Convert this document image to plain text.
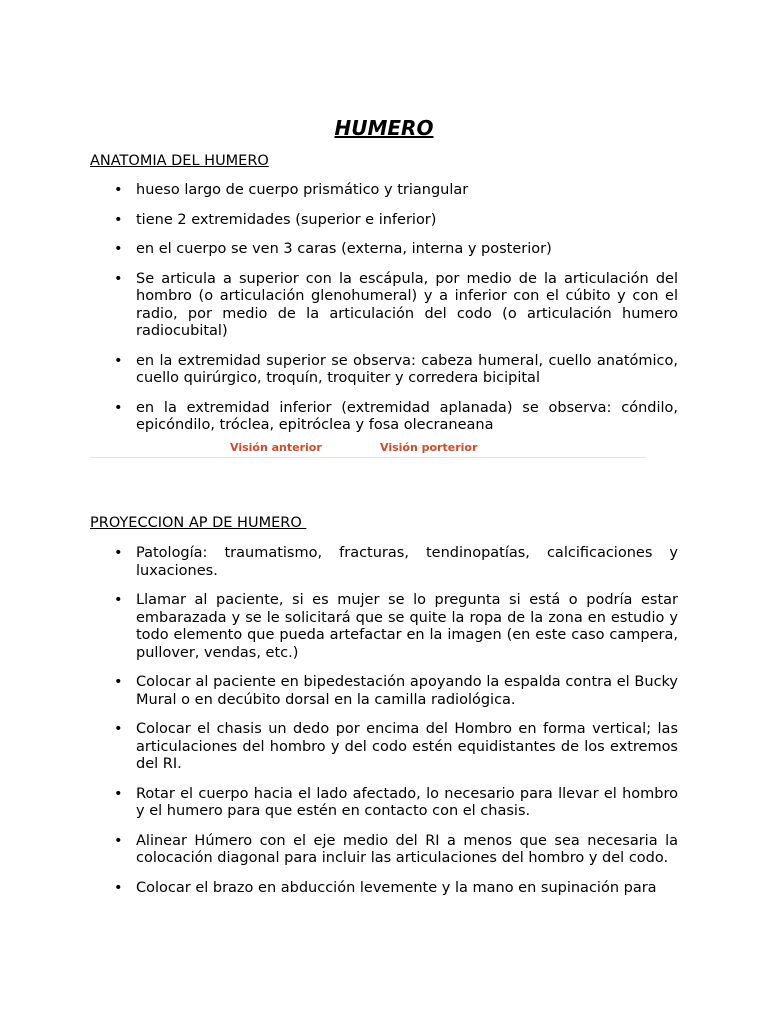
HUMERO
ANATOMIA DEL HUMERO
• hueso largo de cuerpo prismático y triangular
• tiene 2 extremidades (superior e inferior)
• en el cuerpo se ven 3 caras (externa, interna y posterior)
• Se articula a superior con la escápula, por medio de la articulación del hombro (o articulación glenohumeral) y a inferior con el cúbito y con el radio, por medio de la articulación del codo (o articulación humero radiocubital)
• en la extremidad superior se observa: cabeza humeral, cuello anatómico, cuello quirúrgico, troquín, troquiter y corredera bicipital
• en la extremidad inferior (extremidad aplanada) se observa: cóndilo, epicóndilo, tróclea, epitróclea y fosa olecraneana
Visión anterior	Visión porterior
PROYECCION AP DE HUMERO
• Patología: traumatismo, fracturas, tendinopatías, calcificaciones y luxaciones.
• Llamar al paciente, si es mujer se lo pregunta si está o podría estar embarazada y se le solicitará que se quite la ropa de la zona en estudio y todo elemento que pueda artefactar en la imagen (en este caso campera, pullover, vendas, etc.)
• Colocar al paciente en bipedestación apoyando la espalda contra el Bucky Mural o en decúbito dorsal en la camilla radiológica.
• Colocar el chasis un dedo por encima del Hombro en forma vertical; las articulaciones del hombro y del codo estén equidistantes de los extremos del RI.
• Rotar el cuerpo hacia el lado afectado, lo necesario para llevar el hombro y el humero para que estén en contacto con el chasis.
• Alinear Húmero con el eje medio del RI a menos que sea necesaria la colocación diagonal para incluir las articulaciones del hombro y del codo.
• Colocar el brazo en abducción levemente y la mano en supinación para
